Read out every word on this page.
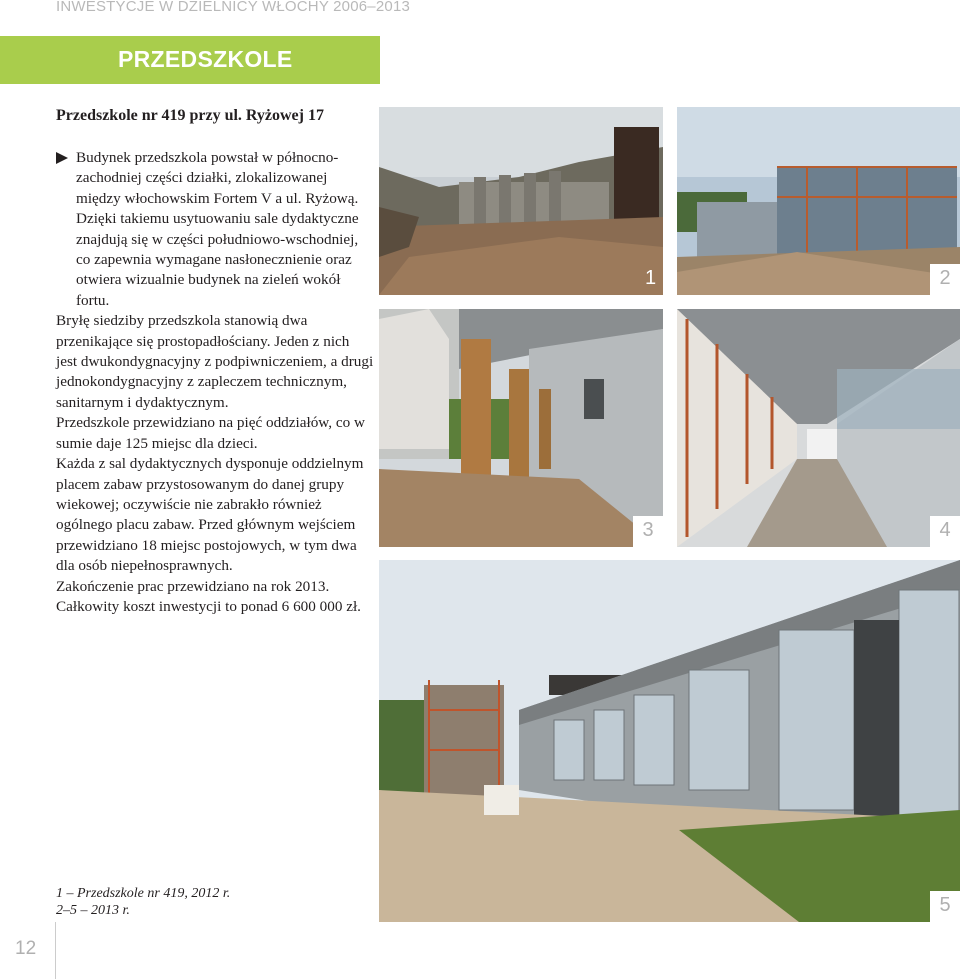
INWESTYCJE W DZIELNICY WŁOCHY 2006–2013
PRZEDSZKOLE
Przedszkole nr 419 przy ul. Ryżowej 17
Budynek przedszkola powstał w północno-zachodniej części działki, zlokalizowanej między włochowskim Fortem V a ul. Ryżową. Dzięki takiemu usytuowaniu sale dydaktyczne znajdują się w części południowo-wschodniej, co zapewnia wymagane nasłonecznienie oraz otwiera wizualnie budynek na zieleń wokół fortu.
Bryłę siedziby przedszkola stanowią dwa przenikające się prostopadłościany. Jeden z nich jest dwukondygnacyjny z podpiwniczeniem, a drugi jednokondygnacyjny z zapleczem technicznym, sanitarnym i dydaktycznym.
Przedszkole przewidziano na pięć oddziałów, co w sumie daje 125 miejsc dla dzieci.
Każda z sal dydaktycznych dysponuje oddzielnym placem zabaw przystosowanym do danej grupy wiekowej; oczywiście nie zabrakło również ogólnego placu zabaw. Przed głównym wejściem przewidziano 18 miejsc postojowych, w tym dwa dla osób niepełnosprawnych.
Zakończenie prac przewidziano na rok 2013.
Całkowity koszt inwestycji to ponad 6 600 000 zł.
1 – Przedszkole nr 419, 2012 r.
2–5 – 2013 r.
12
1	2
3	4
5
